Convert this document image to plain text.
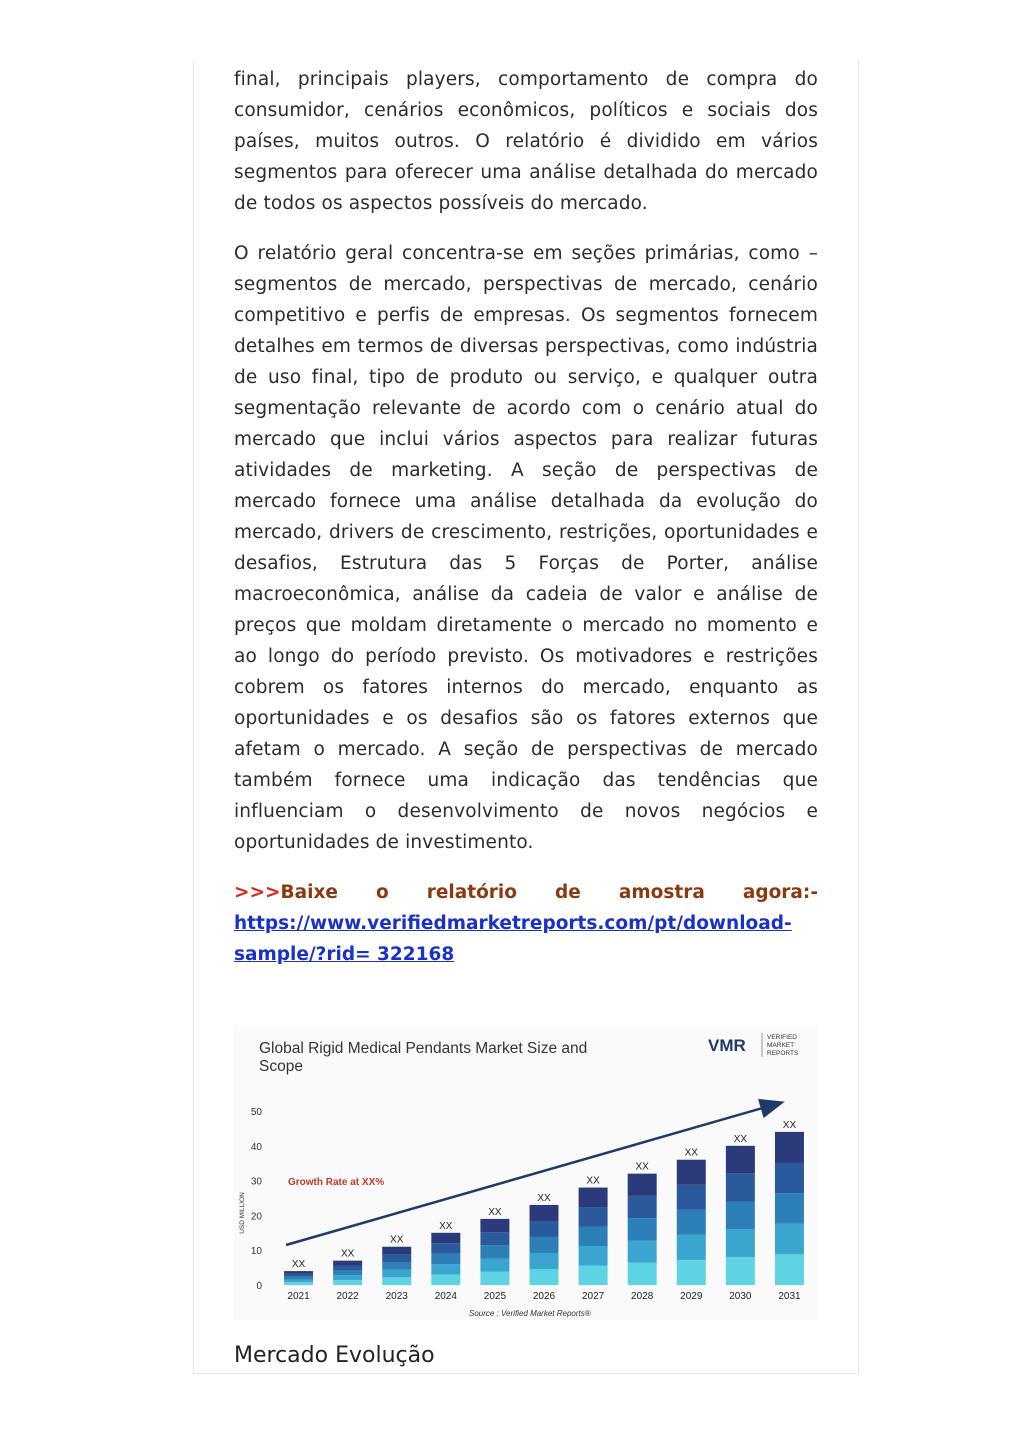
final, principais players, comportamento de compra do consumidor, cenários econômicos, políticos e sociais dos países, muitos outros. O relatório é dividido em vários segmentos para oferecer uma análise detalhada do mercado de todos os aspectos possíveis do mercado.

O relatório geral concentra-se em seções primárias, como – segmentos de mercado, perspectivas de mercado, cenário competitivo e perfis de empresas. Os segmentos fornecem detalhes em termos de diversas perspectivas, como indústria de uso final, tipo de produto ou serviço, e qualquer outra segmentação relevante de acordo com o cenário atual do mercado que inclui vários aspectos para realizar futuras atividades de marketing. A seção de perspectivas de mercado fornece uma análise detalhada da evolução do mercado, drivers de crescimento, restrições, oportunidades e desafios, Estrutura das 5 Forças de Porter, análise macroeconômica, análise da cadeia de valor e análise de preços que moldam diretamente o mercado no momento e ao longo do período previsto. Os motivadores e restrições cobrem os fatores internos do mercado, enquanto as oportunidades e os desafios são os fatores externos que afetam o mercado. A seção de perspectivas de mercado também fornece uma indicação das tendências que influenciam o desenvolvimento de novos negócios e oportunidades de investimento.

>>>Baixe o relatório de amostra agora:- https://www.verifiedmarketreports.com/pt/download-sample/?rid= 322168

Global Rigid Medical Pendants Market Size and Scope
VMR	VERIFIED
MARKET
REPORTS
0
10
20
30
40
50
USD MILLION
XX
2021
XX
2022
XX
2023
XX
2024
XX
2025
XX
2026
XX
2027
XX
2028
XX
2029
XX
2030
XX
2031
Growth Rate at XX%
Source : Verified Market Reports®
Mercado Evolução
